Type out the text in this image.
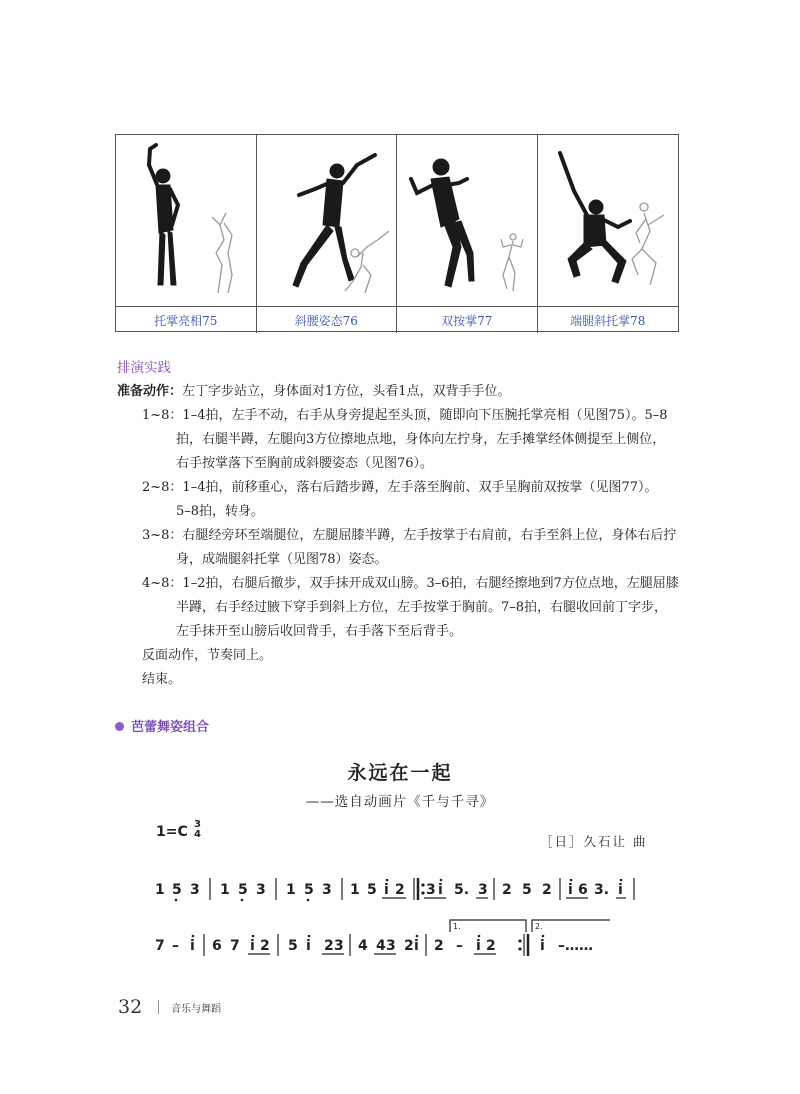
托掌亮相75	斜腰姿态76	双按掌77	端腿斜托掌78
排演实践
准备动作：左丁字步站立，身体面对1方位，头看1点，双背手手位。
1~8：1–4拍，左手不动，右手从身旁提起至头顶，随即向下压腕托掌亮相（见图75）。5–8
拍，右腿半蹲，左腿向3方位擦地点地，身体向左拧身，左手摊掌经体侧提至上侧位，
右手按掌落下至胸前成斜腰姿态（见图76）。
2~8：1–4拍，前移重心，落右后踏步蹲，左手落至胸前、双手呈胸前双按掌（见图77）。
5–8拍，转身。
3~8：右腿经旁环至端腿位，左腿屈膝半蹲，左手按掌于右肩前，右手至斜上位，身体右后拧
身，成端腿斜托掌（见图78）姿态。
4~8：1–2拍，右腿后撤步，双手抹开成双山膀。3–6拍，右腿经擦地到7方位点地，左腿屈膝
半蹲，右手经过腋下穿手到斜上方位，左手按掌于胸前。7–8拍，右腿收回前丁字步，
左手抹开至山膀后收回背手，右手落下至后背手。
反面动作，节奏同上。
结束。
芭蕾舞姿组合
永远在一起
——选自动画片《千与千寻》
1=C 3
4	［日］久石让 曲
1 5 3 1 5 3 1 5 3 1 5 i 2 3 i 5. 3 2 5 2 i 6 3. i
7 – i 6 7 i 2 5 i 2 3 4 4 3 2 i 2 – i 2	i –……
1.	2.
32	音乐与舞蹈
